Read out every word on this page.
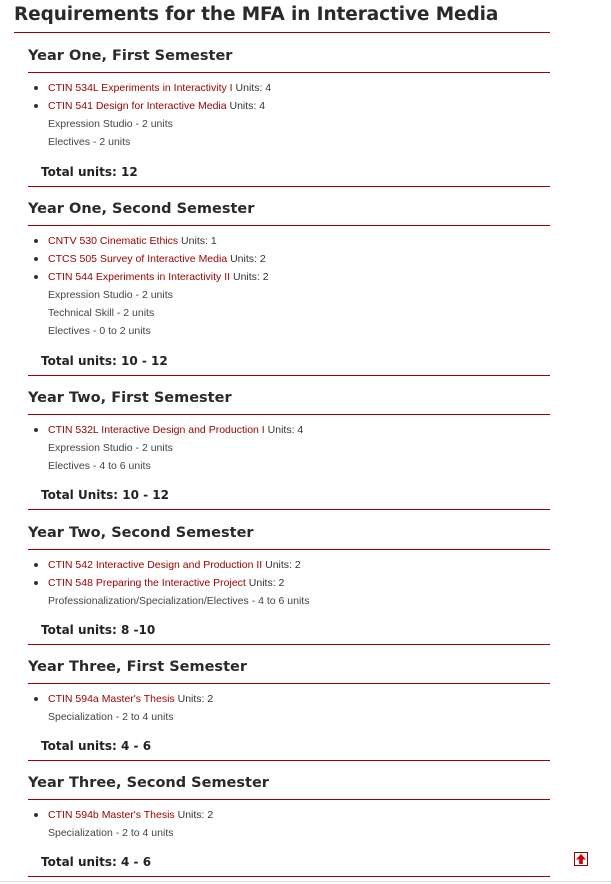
Requirements for the MFA in Interactive Media
Year One, First Semester
CTIN 534L Experiments in Interactivity I Units: 4
CTIN 541 Design for Interactive Media Units: 4
Expression Studio - 2 units
Electives - 2 units
Total units: 12
Year One, Second Semester
CNTV 530 Cinematic Ethics Units: 1
CTCS 505 Survey of Interactive Media Units: 2
CTIN 544 Experiments in Interactivity II Units: 2
Expression Studio - 2 units
Technical Skill - 2 units
Electives - 0 to 2 units
Total units: 10 - 12
Year Two, First Semester
CTIN 532L Interactive Design and Production I Units: 4
Expression Studio - 2 units
Electives - 4 to 6 units
Total Units: 10 - 12
Year Two, Second Semester
CTIN 542 Interactive Design and Production II Units: 2
CTIN 548 Preparing the Interactive Project Units: 2
Professionalization/Specialization/Electives - 4 to 6 units
Total units: 8 -10
Year Three, First Semester
CTIN 594a Master's Thesis Units: 2
Specialization - 2 to 4 units
Total units: 4 - 6
Year Three, Second Semester
CTIN 594b Master's Thesis Units: 2
Specialization - 2 to 4 units
Total units: 4 - 6
